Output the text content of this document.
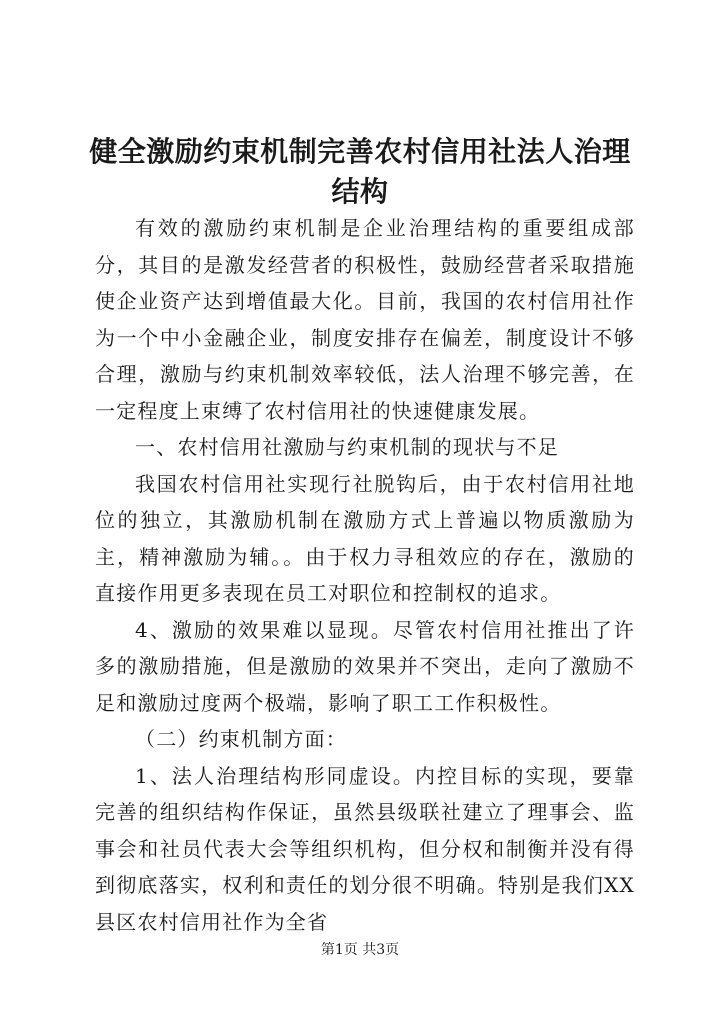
健全激励约束机制完善农村信用社法人治理结构

有效的激励约束机制是企业治理结构的重要组成部分，其目的是激发经营者的积极性，鼓励经营者采取措施使企业资产达到增值最大化。目前，我国的农村信用社作为一个中小金融企业，制度安排存在偏差，制度设计不够合理，激励与约束机制效率较低，法人治理不够完善，在一定程度上束缚了农村信用社的快速健康发展。

一、农村信用社激励与约束机制的现状与不足

我国农村信用社实现行社脱钩后，由于农村信用社地位的独立，其激励机制在激励方式上普遍以物质激励为主，精神激励为辅。。由于权力寻租效应的存在，激励的直接作用更多表现在员工对职位和控制权的追求。

4、激励的效果难以显现。尽管农村信用社推出了许多的激励措施，但是激励的效果并不突出，走向了激励不足和激励过度两个极端，影响了职工工作积极性。

（二）约束机制方面：

1、法人治理结构形同虚设。内控目标的实现，要靠完善的组织结构作保证，虽然县级联社建立了理事会、监事会和社员代表大会等组织机构，但分权和制衡并没有得到彻底落实，权利和责任的划分很不明确。特别是我们XX县区农村信用社作为全省

第1页 共3页
